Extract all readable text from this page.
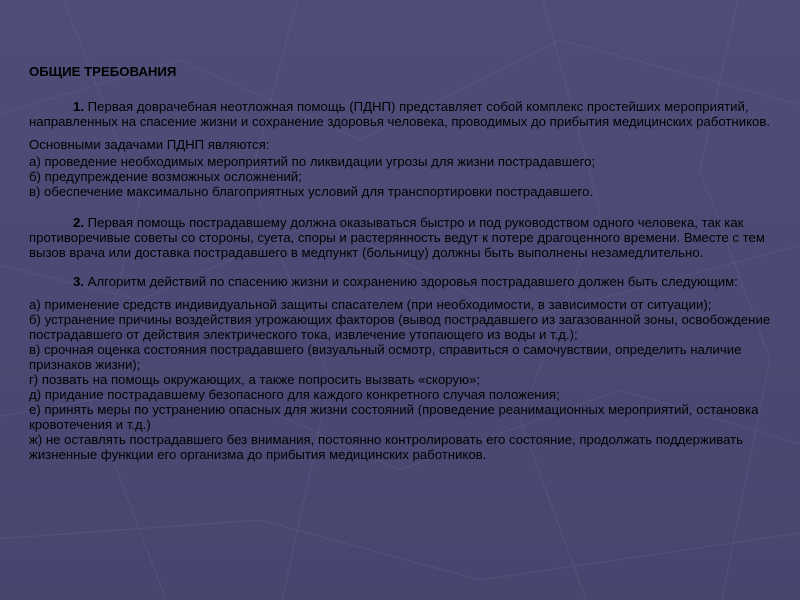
ОБЩИЕ ТРЕБОВАНИЯ
1. Первая доврачебная неотложная помощь (ПДНП) представляет собой комплекс простейших мероприятий, направленных на спасение жизни и сохранение здоровья человека, проводимых до прибытия медицинских работников.
Основными задачами ПДНП являются:
а) проведение необходимых мероприятий по ликвидации угрозы для жизни пострадавшего;
б) предупреждение возможных осложнений;
в) обеспечение максимально благоприятных условий для транспортировки пострадавшего.
2. Первая помощь пострадавшему должна оказываться быстро и под руководством одного человека, так как противоречивые советы со стороны, суета, споры и растерянность ведут к потере драгоценного времени. Вместе с тем вызов врача или доставка пострадавшего в медпункт (больницу) должны быть выполнены незамедлительно.
3. Алгоритм действий по спасению жизни и сохранению здоровья пострадавшего должен быть следующим:
а) применение средств индивидуальной защиты спасателем (при необходимости, в зависимости от ситуации);
б) устранение причины воздействия угрожающих факторов (вывод пострадавшего из загазованной зоны, освобождение пострадавшего от действия электрического тока, извлечение утопающего из воды и т.д.);
в) срочная оценка состояния пострадавшего (визуальный осмотр, справиться о самочувствии, определить наличие признаков жизни);
г) позвать на помощь окружающих, а также попросить вызвать «скорую»;
д) придание пострадавшему безопасного для каждого конкретного случая положения;
е) принять меры по устранению опасных для жизни состояний (проведение реанимационных мероприятий, остановка кровотечения и т.д.)
ж) не оставлять пострадавшего без внимания, постоянно контролировать его состояние, продолжать поддерживать жизненные функции его организма до прибытия медицинских работников.
